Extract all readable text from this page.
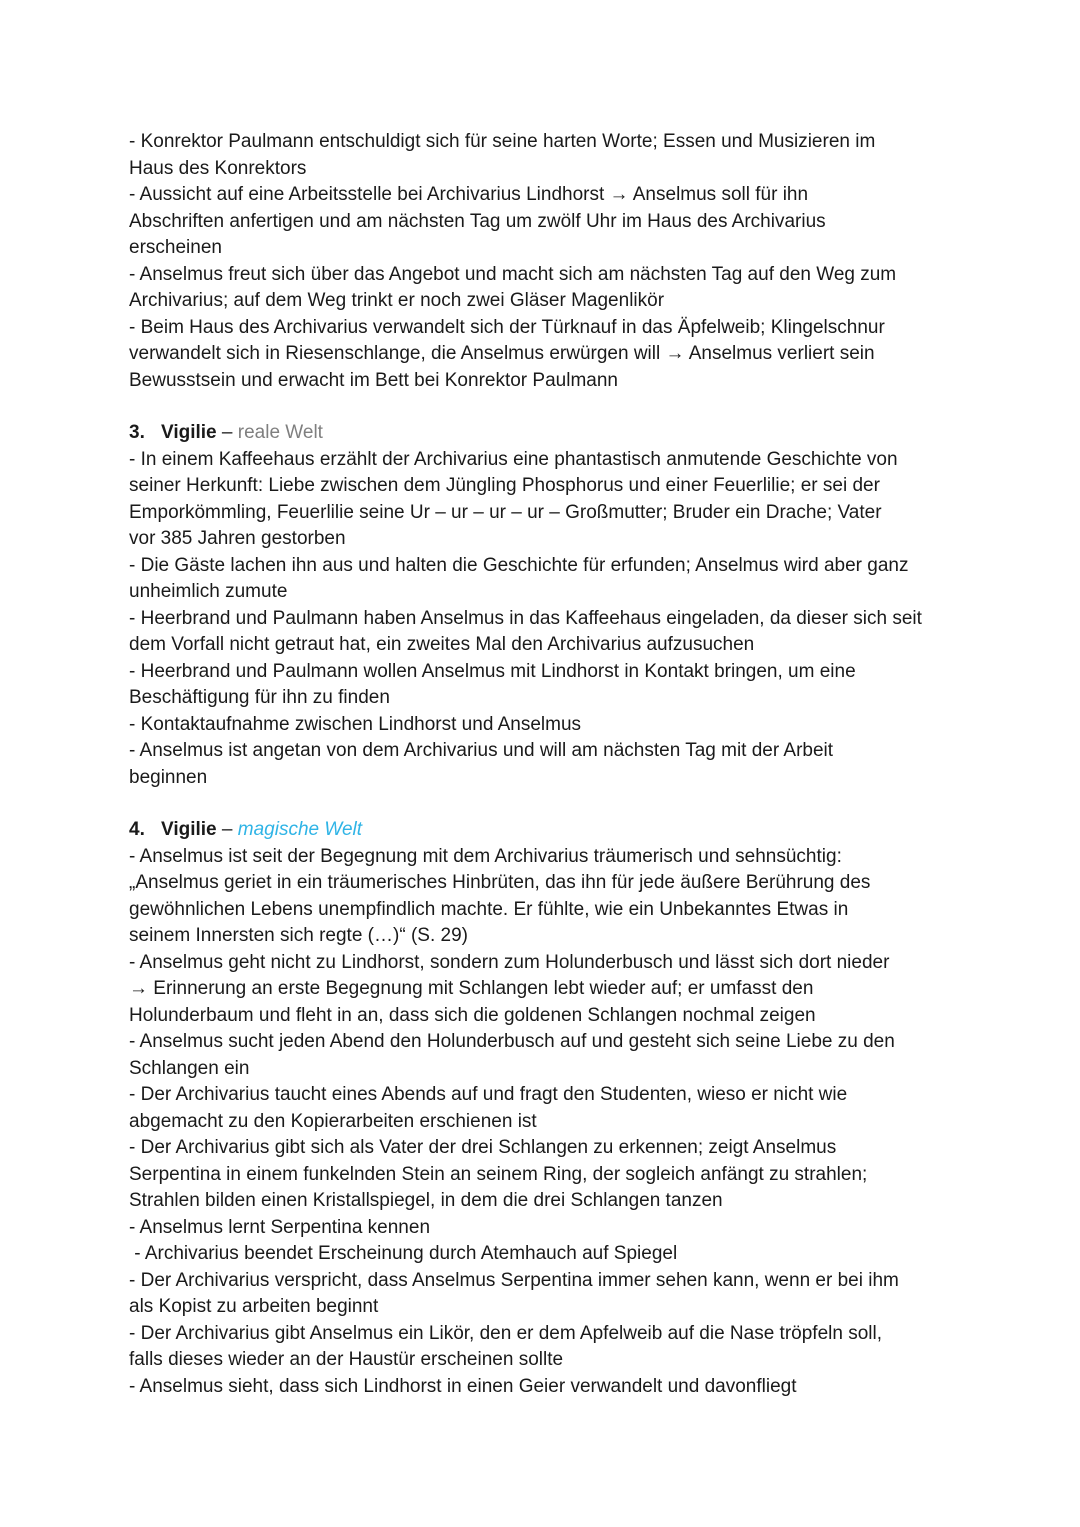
- Konrektor Paulmann entschuldigt sich für seine harten Worte; Essen und Musizieren im
Haus des Konrektors
- Aussicht auf eine Arbeitsstelle bei Archivarius Lindhorst → Anselmus soll für ihn
Abschriften anfertigen und am nächsten Tag um zwölf Uhr im Haus des Archivarius
erscheinen
- Anselmus freut sich über das Angebot und macht sich am nächsten Tag auf den Weg zum
Archivarius; auf dem Weg trinkt er noch zwei Gläser Magenlikör
- Beim Haus des Archivarius verwandelt sich der Türknauf in das Äpfelweib; Klingelschnur
verwandelt sich in Riesenschlange, die Anselmus erwürgen will → Anselmus verliert sein
Bewusstsein und erwacht im Bett bei Konrektor Paulmann
3. Vigilie – reale Welt
- In einem Kaffeehaus erzählt der Archivarius eine phantastisch anmutende Geschichte von
seiner Herkunft: Liebe zwischen dem Jüngling Phosphorus und einer Feuerlilie; er sei der
Emporkömmling, Feuerlilie seine Ur – ur – ur – ur – Großmutter; Bruder ein Drache; Vater
vor 385 Jahren gestorben
- Die Gäste lachen ihn aus und halten die Geschichte für erfunden; Anselmus wird aber ganz
unheimlich zumute
- Heerbrand und Paulmann haben Anselmus in das Kaffeehaus eingeladen, da dieser sich seit
dem Vorfall nicht getraut hat, ein zweites Mal den Archivarius aufzusuchen
- Heerbrand und Paulmann wollen Anselmus mit Lindhorst in Kontakt bringen, um eine
Beschäftigung für ihn zu finden
- Kontaktaufnahme zwischen Lindhorst und Anselmus
- Anselmus ist angetan von dem Archivarius und will am nächsten Tag mit der Arbeit
beginnen
4. Vigilie – magische Welt
- Anselmus ist seit der Begegnung mit dem Archivarius träumerisch und sehnsüchtig:
„Anselmus geriet in ein träumerisches Hinbrüten, das ihn für jede äußere Berührung des
gewöhnlichen Lebens unempfindlich machte. Er fühlte, wie ein Unbekanntes Etwas in
seinem Innersten sich regte (…)“ (S. 29)
- Anselmus geht nicht zu Lindhorst, sondern zum Holunderbusch und lässt sich dort nieder
→ Erinnerung an erste Begegnung mit Schlangen lebt wieder auf; er umfasst den
Holunderbaum und fleht in an, dass sich die goldenen Schlangen nochmal zeigen
- Anselmus sucht jeden Abend den Holunderbusch auf und gesteht sich seine Liebe zu den
Schlangen ein
- Der Archivarius taucht eines Abends auf und fragt den Studenten, wieso er nicht wie
abgemacht zu den Kopierarbeiten erschienen ist
- Der Archivarius gibt sich als Vater der drei Schlangen zu erkennen; zeigt Anselmus
Serpentina in einem funkelnden Stein an seinem Ring, der sogleich anfängt zu strahlen;
Strahlen bilden einen Kristallspiegel, in dem die drei Schlangen tanzen
- Anselmus lernt Serpentina kennen
- Archivarius beendet Erscheinung durch Atemhauch auf Spiegel
- Der Archivarius verspricht, dass Anselmus Serpentina immer sehen kann, wenn er bei ihm
als Kopist zu arbeiten beginnt
- Der Archivarius gibt Anselmus ein Likör, den er dem Apfelweib auf die Nase tröpfeln soll,
falls dieses wieder an der Haustür erscheinen sollte
- Anselmus sieht, dass sich Lindhorst in einen Geier verwandelt und davonfliegt
